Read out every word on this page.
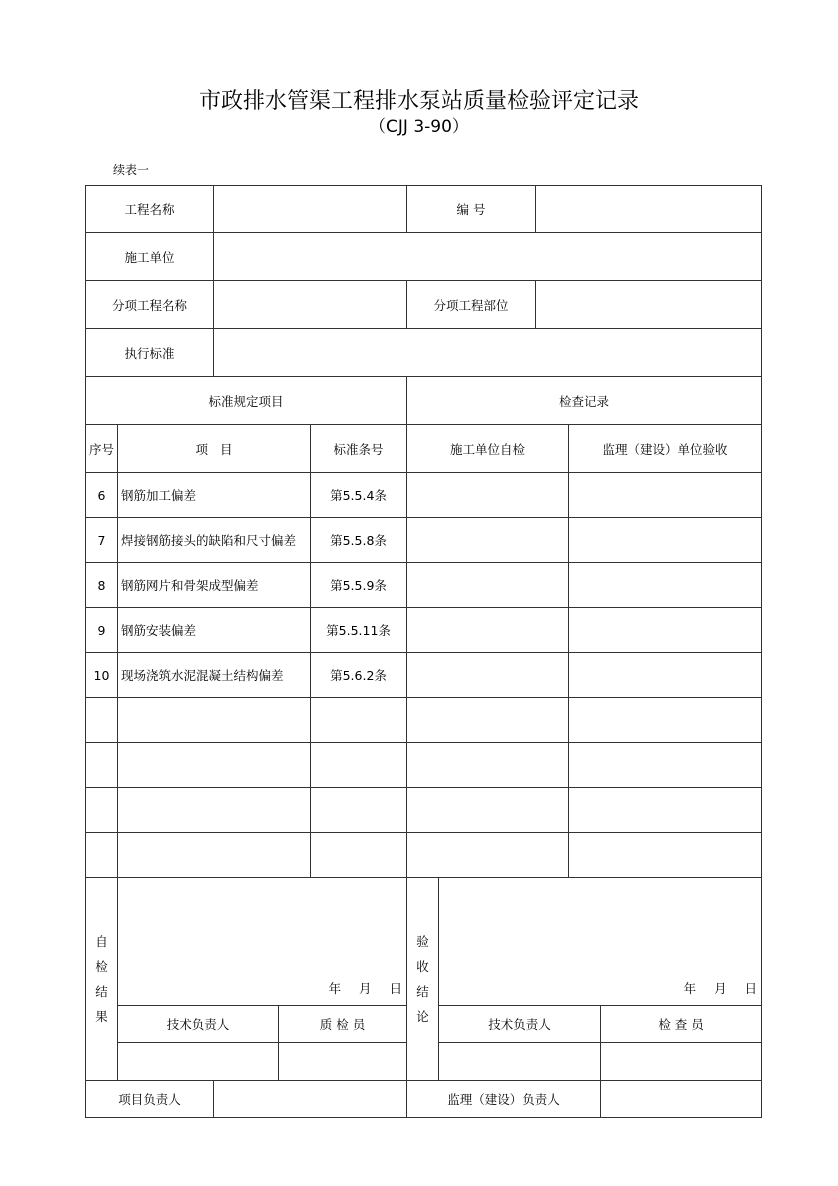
市政排水管渠工程排水泵站质量检验评定记录
（CJJ 3-90）
续表一
工程名称					编 号				
施工单位									
分项工程名称					分项工程部位				
执行标准									
标准规定项目					检查记录				
序号	项   目			标准条号	施工单位自检			监理（建设）单位验收	
6	钢筋加工偏差			第5.5.4条					
7	焊接钢筋接头的缺陷和尺寸偏差			第5.5.8条					
8	钢筋网片和骨架成型偏差			第5.5.9条					
9	钢筋安装偏差			第5.5.11条					
10	现场浇筑水泥混凝土结构偏差			第5.6.2条					

自检结果	年 月 日				验收结论	年 月 日			

	技术负责人		质 检 员			技术负责人			检 查 员

项目负责人					监理（建设）负责人				
